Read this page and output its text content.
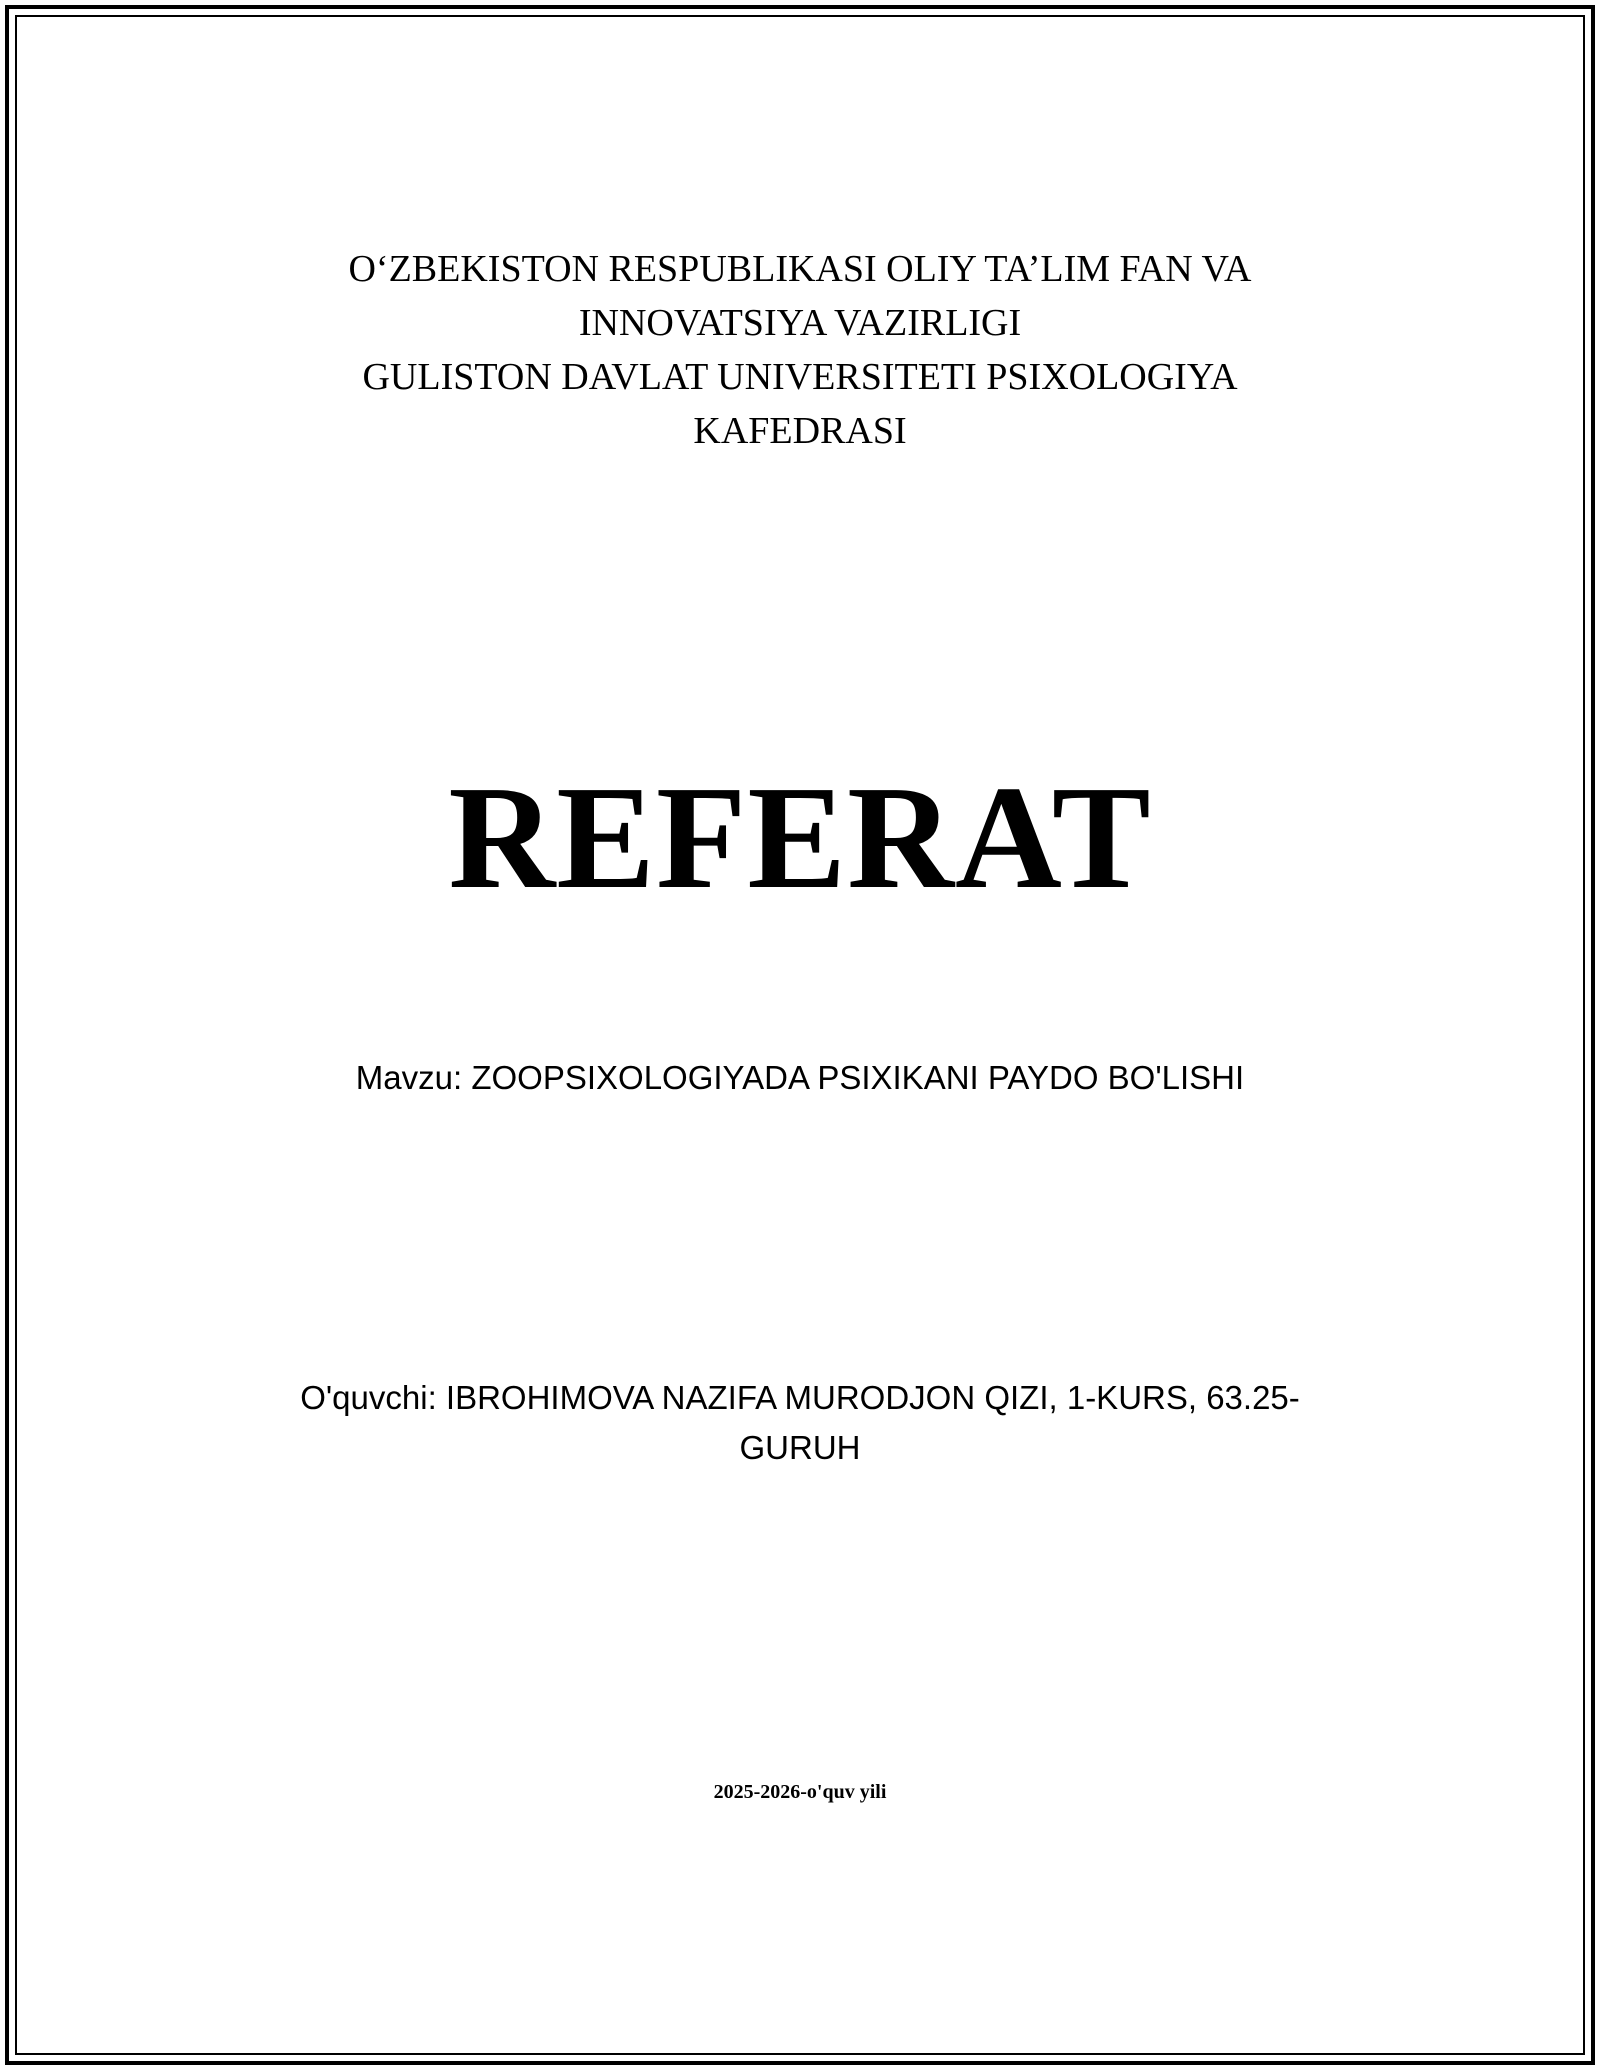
O‘ZBEKISTON RESPUBLIKASI OLIY TA’LIM FAN VA
INNOVATSIYA VAZIRLIGI
GULISTON DAVLAT UNIVERSITETI PSIXOLOGIYA
KAFEDRASI
REFERAT
Mavzu: ZOOPSIXOLOGIYADA PSIXIKANI PAYDO BO'LISHI
O'quvchi: IBROHIMOVA NAZIFA MURODJON QIZI, 1-KURS, 63.25-
GURUH
2025-2026-o'quv yili
